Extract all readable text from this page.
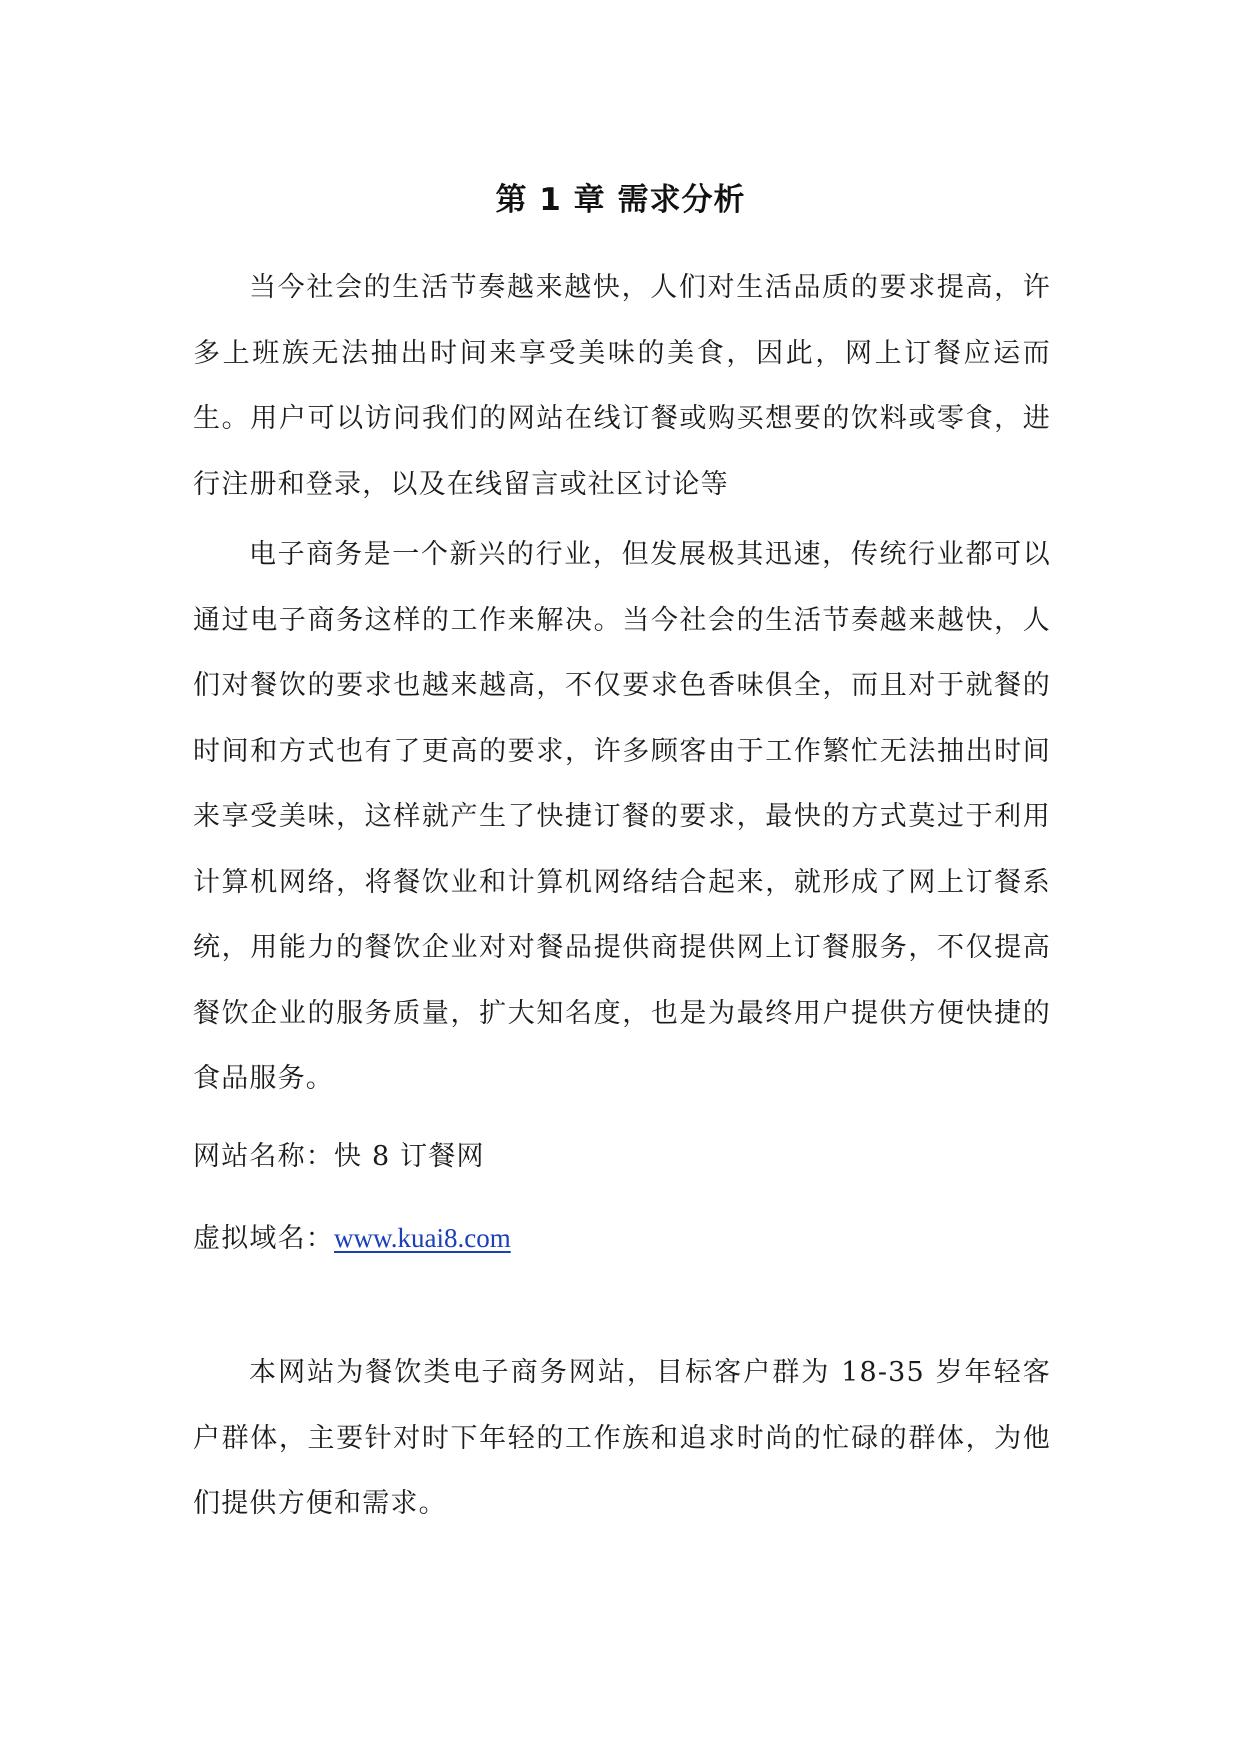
第 1 章 需求分析

当今社会的生活节奏越来越快，人们对生活品质的要求提高，许多上班族无法抽出时间来享受美味的美食，因此，网上订餐应运而生。用户可以访问我们的网站在线订餐或购买想要的饮料或零食，进行注册和登录，以及在线留言或社区讨论等

电子商务是一个新兴的行业，但发展极其迅速，传统行业都可以通过电子商务这样的工作来解决。当今社会的生活节奏越来越快，人们对餐饮的要求也越来越高，不仅要求色香味俱全，而且对于就餐的时间和方式也有了更高的要求，许多顾客由于工作繁忙无法抽出时间来享受美味，这样就产生了快捷订餐的要求，最快的方式莫过于利用计算机网络，将餐饮业和计算机网络结合起来，就形成了网上订餐系统，用能力的餐饮企业对对餐品提供商提供网上订餐服务，不仅提高餐饮企业的服务质量，扩大知名度，也是为最终用户提供方便快捷的食品服务。

网站名称：快 8 订餐网

虚拟域名：www.kuai8.com

本网站为餐饮类电子商务网站，目标客户群为 18-35 岁年轻客户群体，主要针对时下年轻的工作族和追求时尚的忙碌的群体，为他们提供方便和需求。
